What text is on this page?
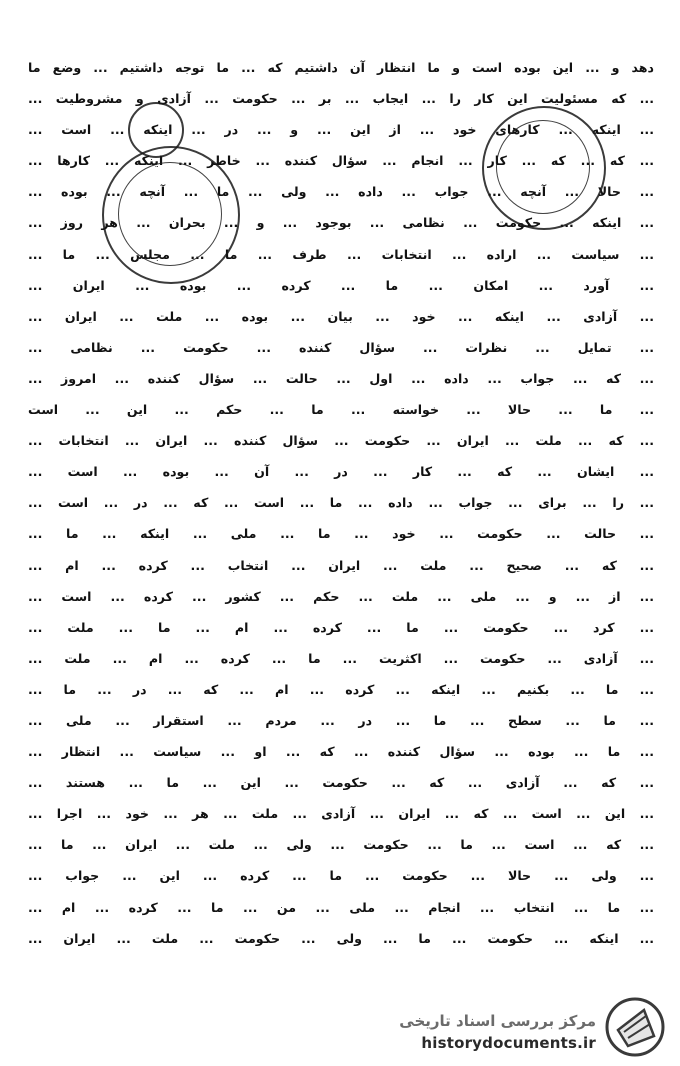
دهد و ... این بوده است و ما انتظار آن داشتیم که ... ما توجه داشتیم ... وضع ما
... که مسئولیت این کار را ... ایجاب ... بر ... حکومت ... آزادی و مشروطیت ...
... اینکه ... کارهای خود ... از این ... و ... در ... اینکه ... است ...
... که ... که ... کار ... انجام ... سؤال کننده ... خاطر ... اینکه ... کارها ...
... حالا ... آنچه ... جواب ... داده ... ولی ... ما ... آنچه ... بوده ...
... اینکه ... حکومت ... نظامی ... بوجود ... و ... بحران ... هر روز ...
... سیاست ... اراده ... انتخابات ... طرف ... ما ... مجلس ... ما ...
... آورد ... امکان ... ما ... کرده ... بوده ... ایران ...
... آزادی ... اینکه ... خود ... بیان ... بوده ... ملت ... ایران ...
... تمایل ... نظرات ... سؤال کننده ... حکومت ... نظامی ...
... که ... جواب ... داده ... اول ... حالت ... سؤال کننده ... امروز ...
... ما ... حالا ... خواسته ... ما ... حکم ... این ... است
... که ... ملت ... ایران ... حکومت ... سؤال کننده ... ایران ... انتخابات ...
... ایشان ... که ... کار ... در ... آن ... بوده ... است ...
... را ... برای ... جواب ... داده ... ما ... است ... که ... در ... است ...
... حالت ... حکومت ... خود ... ما ... ملی ... اینکه ... ما ...
... که ... صحیح ... ملت ... ایران ... انتخاب ... کرده ... ام ...
... از ... و ... ملی ... ملت ... حکم ... کشور ... کرده ... است ...
... کرد ... حکومت ... ما ... کرده ... ام ... ما ... ملت ...
... آزادی ... حکومت ... اکثریت ... ما ... کرده ... ام ... ملت ...
... ما ... بکنیم ... اینکه ... کرده ... ام ... که ... در ... ما ...
... ما ... سطح ... ما ... در ... مردم ... استقرار ... ملی ...
... ما ... بوده ... سؤال کننده ... که ... او ... سیاست ... انتظار ...
... که ... آزادی ... که ... حکومت ... این ... ما ... هستند ...
... این ... است ... که ... ایران ... آزادی ... ملت ... هر ... خود ... اجرا ...
... که ... است ... ما ... حکومت ... ولی ... ملت ... ایران ... ما ...
... ولی ... حالا ... حکومت ... ما ... کرده ... این ... جواب ...
... ما ... انتخاب ... انجام ... ملی ... من ... ما ... کرده ... ام ...
... اینکه ... حکومت ... ما ... ولی ... حکومت ... ملت ... ایران ...
مرکز بررسی اسناد تاریخی
historydocuments.ir
